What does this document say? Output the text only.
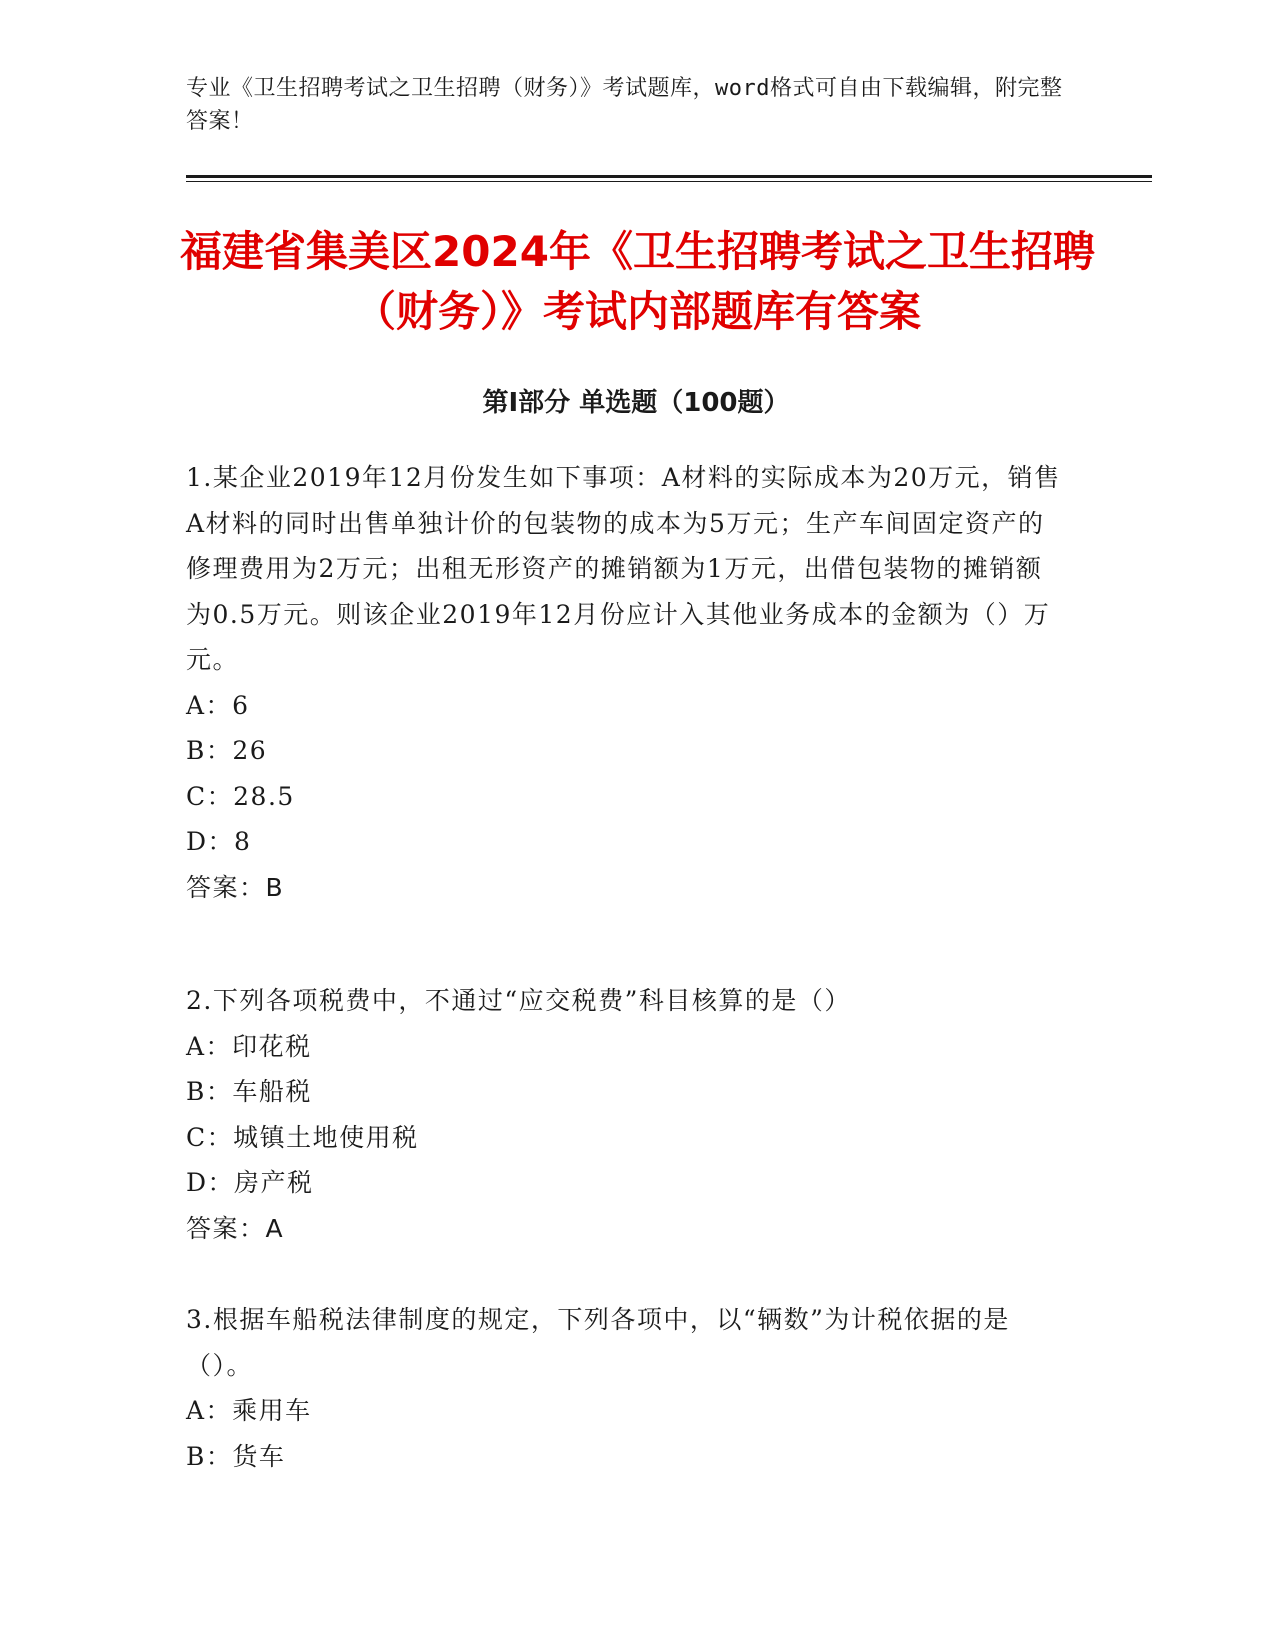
专业《卫生招聘考试之卫生招聘（财务）》考试题库，word格式可自由下载编辑，附完整答案！
福建省集美区2024年《卫生招聘考试之卫生招聘（财务）》考试内部题库有答案
第Ⅰ部分 单选题（100题）
1.某企业2019年12月份发生如下事项：A材料的实际成本为20万元，销售A材料的同时出售单独计价的包装物的成本为5万元；生产车间固定资产的修理费用为2万元；出租无形资产的摊销额为1万元，出借包装物的摊销额为0.5万元。则该企业2019年12月份应计入其他业务成本的金额为（）万元。
A：6
B：26
C：28.5
D：8
答案：B
2.下列各项税费中，不通过“应交税费”科目核算的是（）
A：印花税
B：车船税
C：城镇土地使用税
D：房产税
答案：A
3.根据车船税法律制度的规定，下列各项中，以“辆数”为计税依据的是（）。
A：乘用车
B：货车
